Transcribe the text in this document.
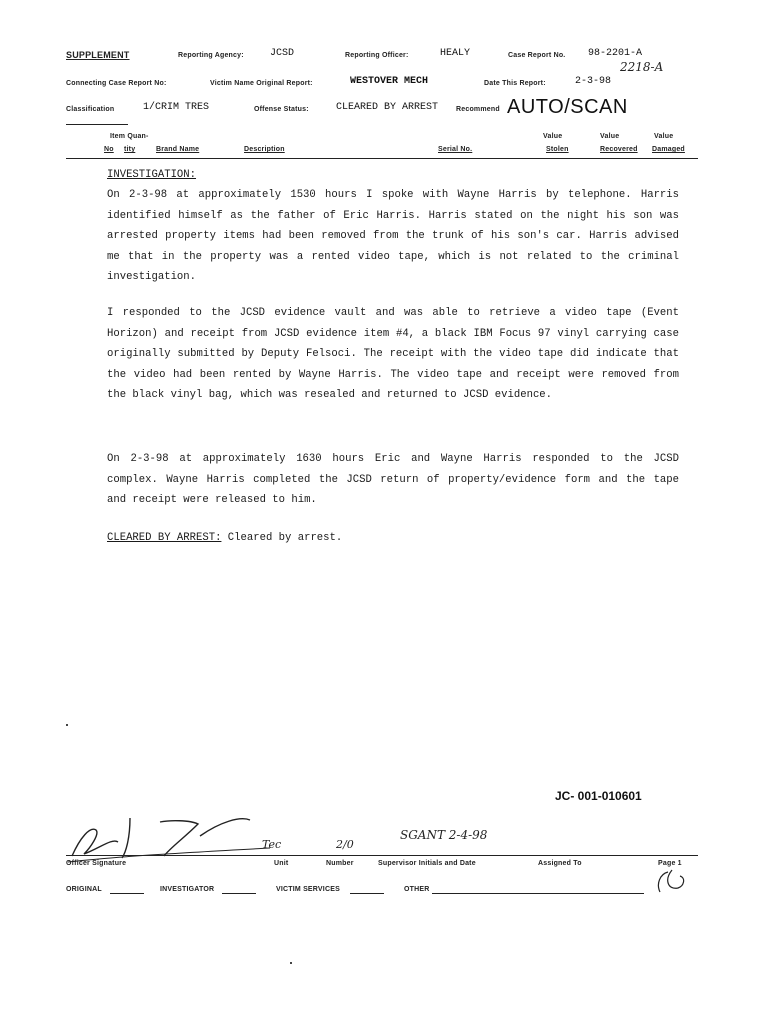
SUPPLEMENT	Reporting Agency:	JCSD	Reporting Officer:	HEALY	Case Report No. 98-2201-A
2218-A
Connecting Case Report No:	Victim Name Original Report:	WESTOVER MECH	Date This Report:	2-3-98
Classification	1/CRIM TRES	Offense Status:	CLEARED BY ARREST	Recommend AUTO/SCAN
Item Quan-	Value	Value	Value
No tity	Brand Name	Description	Serial No.	Stolen	Recovered Damaged
INVESTIGATION:
On 2-3-98 at approximately 1530 hours I spoke with Wayne Harris by telephone. Harris identified himself as the father of Eric Harris. Harris stated on the night his son was arrested property items had been removed from the trunk of his son's car. Harris advised me that in the property was a rented video tape, which is not related to the criminal investigation.
I responded to the JCSD evidence vault and was able to retrieve a video tape (Event Horizon) and receipt from JCSD evidence item #4, a black IBM Focus 97 vinyl carrying case originally submitted by Deputy Felsoci. The receipt with the video tape did indicate that the video had been rented by Wayne Harris. The video tape and receipt were removed from the black vinyl bag, which was resealed and returned to JCSD evidence.
On 2-3-98 at approximately 1630 hours Eric and Wayne Harris responded to the JCSD complex. Wayne Harris completed the JCSD return of property/evidence form and the tape and receipt were released to him.
CLEARED BY ARREST: Cleared by arrest.
JC- 001-010601
Tec	2/0
SGANT 2-4-98
Officer Signature	Unit	Number	Supervisor Initials and Date	Assigned To	Page 1
ORIGINAL	INVESTIGATOR	VICTIM SERVICES	OTHER
